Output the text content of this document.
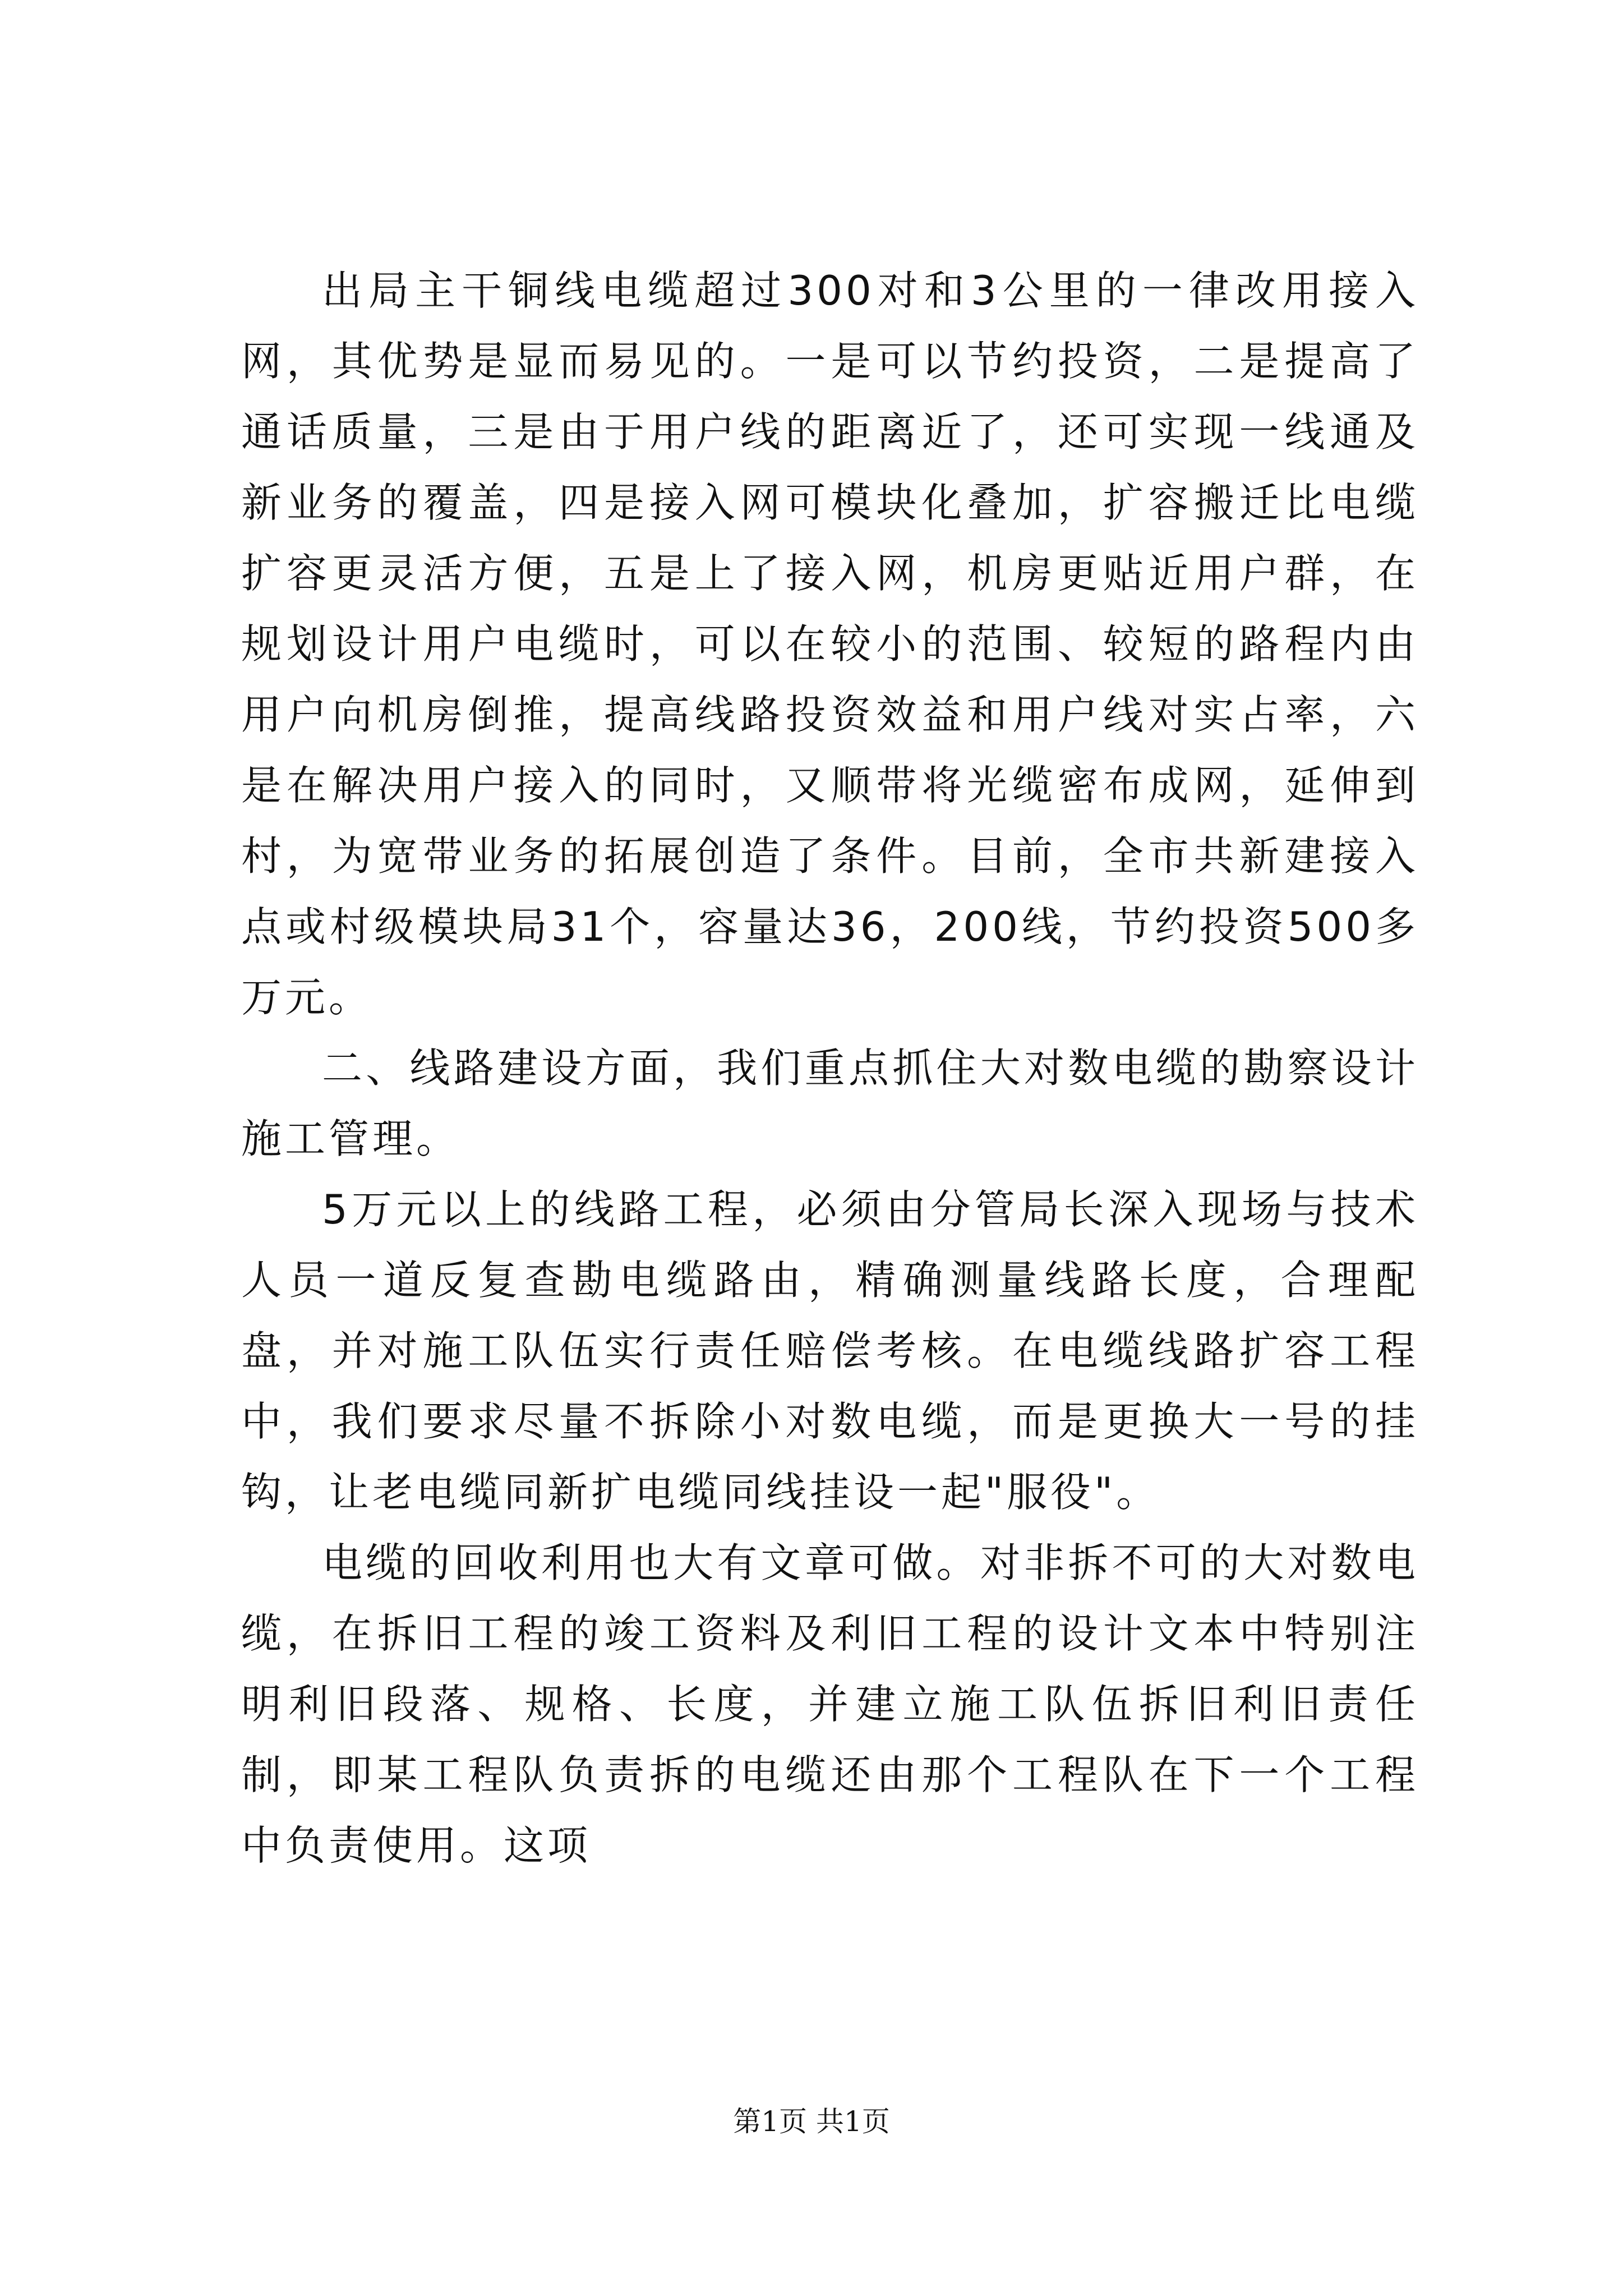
出局主干铜线电缆超过300对和3公里的一律改用接入网，其优势是显而易见的。一是可以节约投资，二是提高了通话质量，三是由于用户线的距离近了，还可实现一线通及新业务的覆盖，四是接入网可模块化叠加，扩容搬迁比电缆扩容更灵活方便，五是上了接入网，机房更贴近用户群，在规划设计用户电缆时，可以在较小的范围、较短的路程内由用户向机房倒推，提高线路投资效益和用户线对实占率，六是在解决用户接入的同时，又顺带将光缆密布成网，延伸到村，为宽带业务的拓展创造了条件。目前，全市共新建接入点或村级模块局31个，容量达36，200线，节约投资500多万元。

二、线路建设方面，我们重点抓住大对数电缆的勘察设计施工管理。

5万元以上的线路工程，必须由分管局长深入现场与技术人员一道反复查勘电缆路由，精确测量线路长度，合理配盘，并对施工队伍实行责任赔偿考核。在电缆线路扩容工程中，我们要求尽量不拆除小对数电缆，而是更换大一号的挂钩，让老电缆同新扩电缆同线挂设一起"服役"。

电缆的回收利用也大有文章可做。对非拆不可的大对数电缆，在拆旧工程的竣工资料及利旧工程的设计文本中特别注明利旧段落、规格、长度，并建立施工队伍拆旧利旧责任制，即某工程队负责拆的电缆还由那个工程队在下一个工程中负责使用。这项

第1页 共1页
